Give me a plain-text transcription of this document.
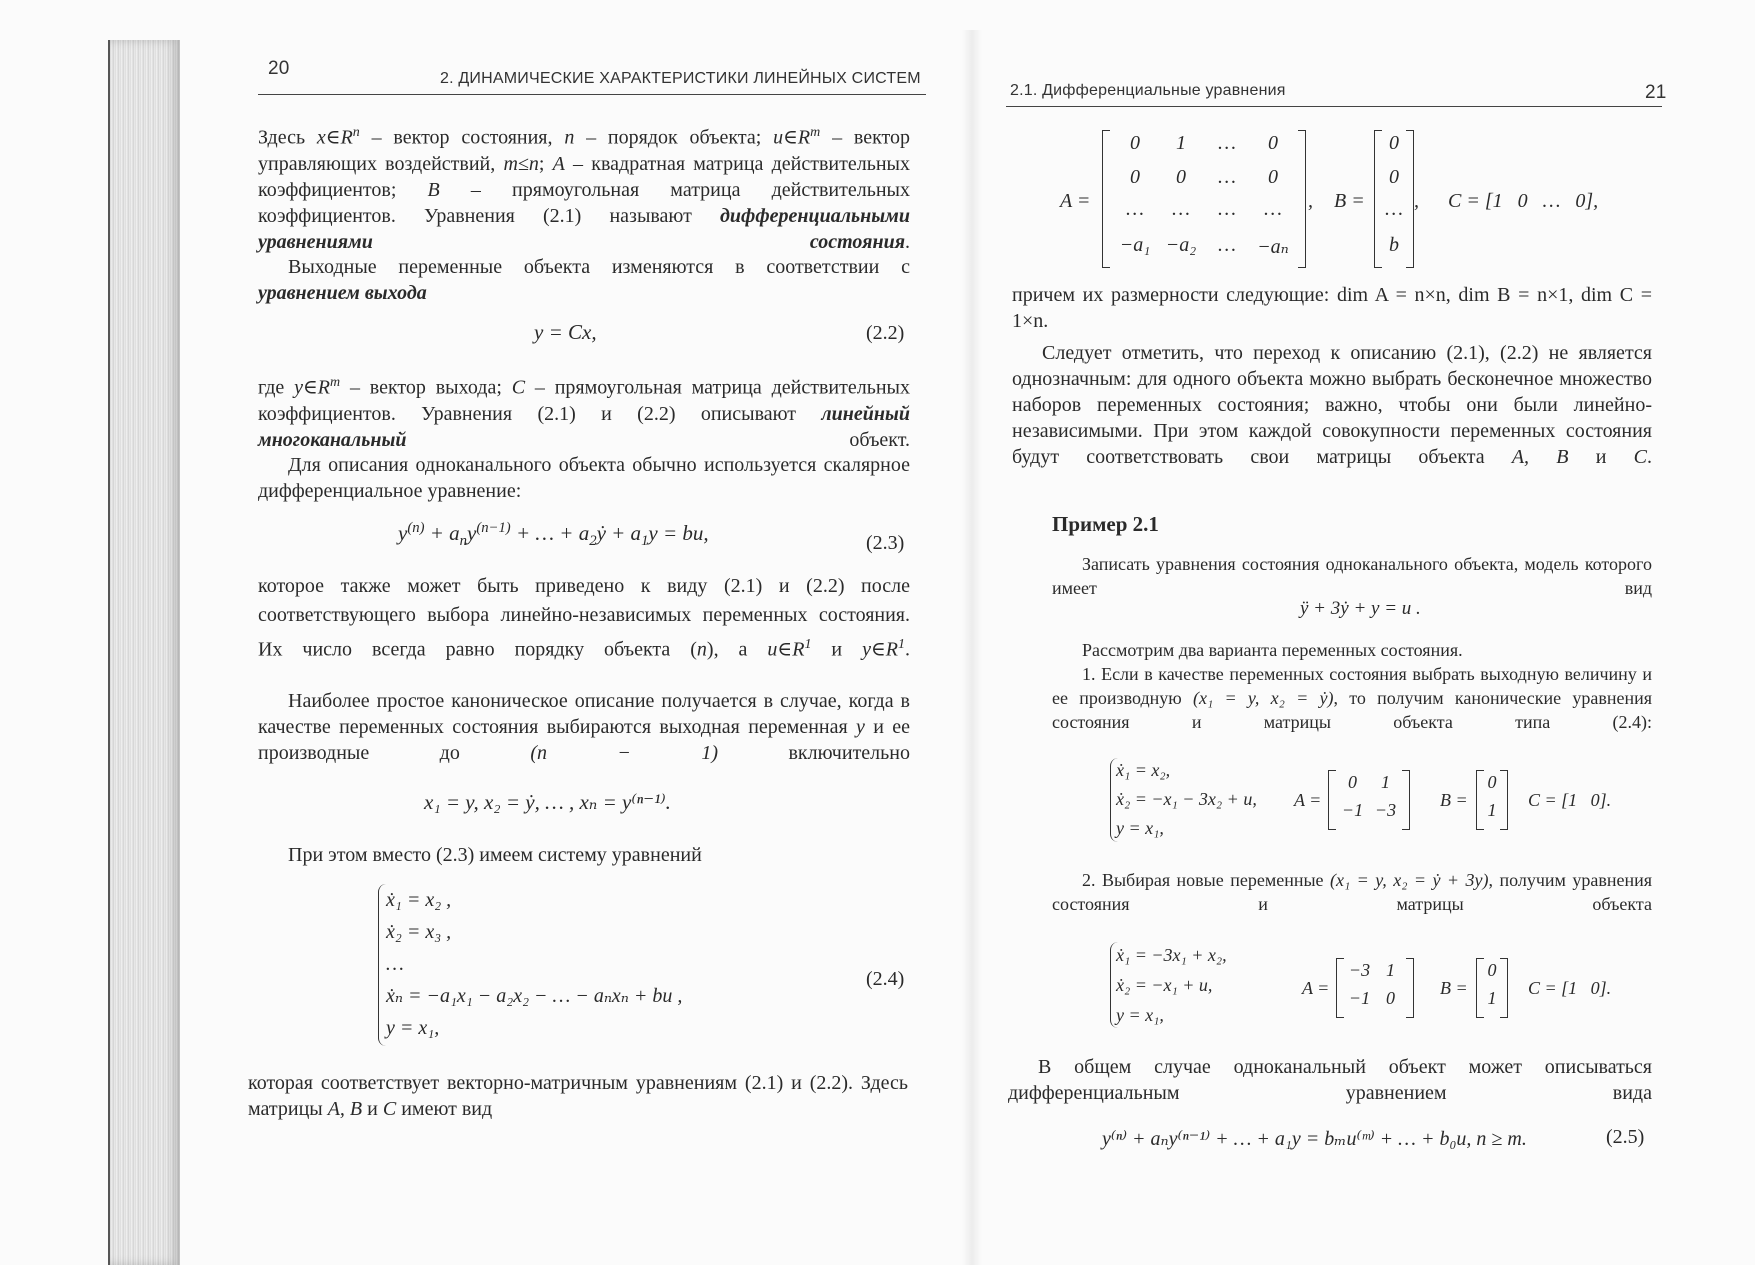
20	2. ДИНАМИЧЕСКИЕ ХАРАКТЕРИСТИКИ ЛИНЕЙНЫХ СИСТЕМ
Здесь $x\in R^n$ – вектор состояния, n – порядок объекта; $u\in R^m$ – вектор управляющих воздействий, m≤n; A – квадратная матрица действительных коэффициентов; B – прямоугольная матрица действительных коэффициентов. Уравнения (2.1) называют дифференциальными уравнениями состояния.
Выходные переменные объекта изменяются в соответствии с уравнением выхода
y = Cx,	(2.2)
где $y\in R^m$ – вектор выхода; C – прямоугольная матрица действительных коэффициентов. Уравнения (2.1) и (2.2) описывают линейный многоканальный объект.
Для описания одноканального объекта обычно используется скалярное дифференциальное уравнение:
$y^{(n)} + a_ny^{(n-1)}$ + … + $a_2ẏ + a_1y$ = bu,	(2.3)
которое также может быть приведено к виду (2.1) и (2.2) после соответствующего выбора линейно-независимых переменных состояния. Их число всегда равно порядку объекта (n), а $u\in R^1$ и $y\in R^1$.
Наиболее простое каноническое описание получается в случае, когда в качестве переменных состояния выбираются выходная переменная y и ее производные до (n − 1) включительно
x₁ = y, x₂ = ẏ, … , xₙ = y⁽ⁿ⁻¹⁾.
При этом вместо (2.3) имеем систему уравнений
ẋ₁ = x₂ ,
ẋ₂ = x₃ ,
…
ẋₙ = −a₁x₁ − a₂x₂ − … − aₙxₙ + bu ,
y = x₁,
(2.4)
которая соответствует векторно-матричным уравнениям (2.1) и (2.2). Здесь матрицы A, B и C имеют вид
2.1. Дифференциальные уравнения	21
A =
0	1	…	0
0	0	…	0
…	…	…	…
−a₁ −a₂	…	−aₙ
, B =
0
0
…
b
, C = [1   0   …   0],
причем их размерности следующие: dim A = n×n, dim B = n×1, dim C = 1×n.
Следует отметить, что переход к описанию (2.1), (2.2) не является однозначным: для одного объекта можно выбрать бесконечное множество наборов переменных состояния; важно, чтобы они были линейно-независимыми. При этом каждой совокупности переменных состояния будут соответствовать свои матрицы объекта A, B и C.
Пример 2.1
Записать уравнения состояния одноканального объекта, модель которого имеет вид
ÿ + 3ẏ + y = u .
Рассмотрим два варианта переменных состояния.
1. Если в качестве переменных состояния выбрать выходную величину и ее производную (x₁ = y, x₂ = ẏ), то получим канонические уравнения состояния и матрицы объекта типа (2.4):
ẋ₁ = x₂,
ẋ₂ = −x₁ − 3x₂ + u,
y = x₁,
A =
0	1
−1 −3	B =
0
1	C = [1   0].
2. Выбирая новые переменные (x₁ = y, x₂ = ẏ + 3y), получим уравнения состояния и матрицы объекта
ẋ₁ = −3x₁ + x₂,
ẋ₂ = −x₁ + u,
y = x₁,
A =
−3 1
−1 0	B =
0
1	C = [1   0].
В общем случае одноканальный объект может описываться дифференциальным уравнением вида
y⁽ⁿ⁾ + aₙy⁽ⁿ⁻¹⁾ + … + a₁y = bₘu⁽ᵐ⁾ + … + b₀u, n ≥ m.	(2.5)
